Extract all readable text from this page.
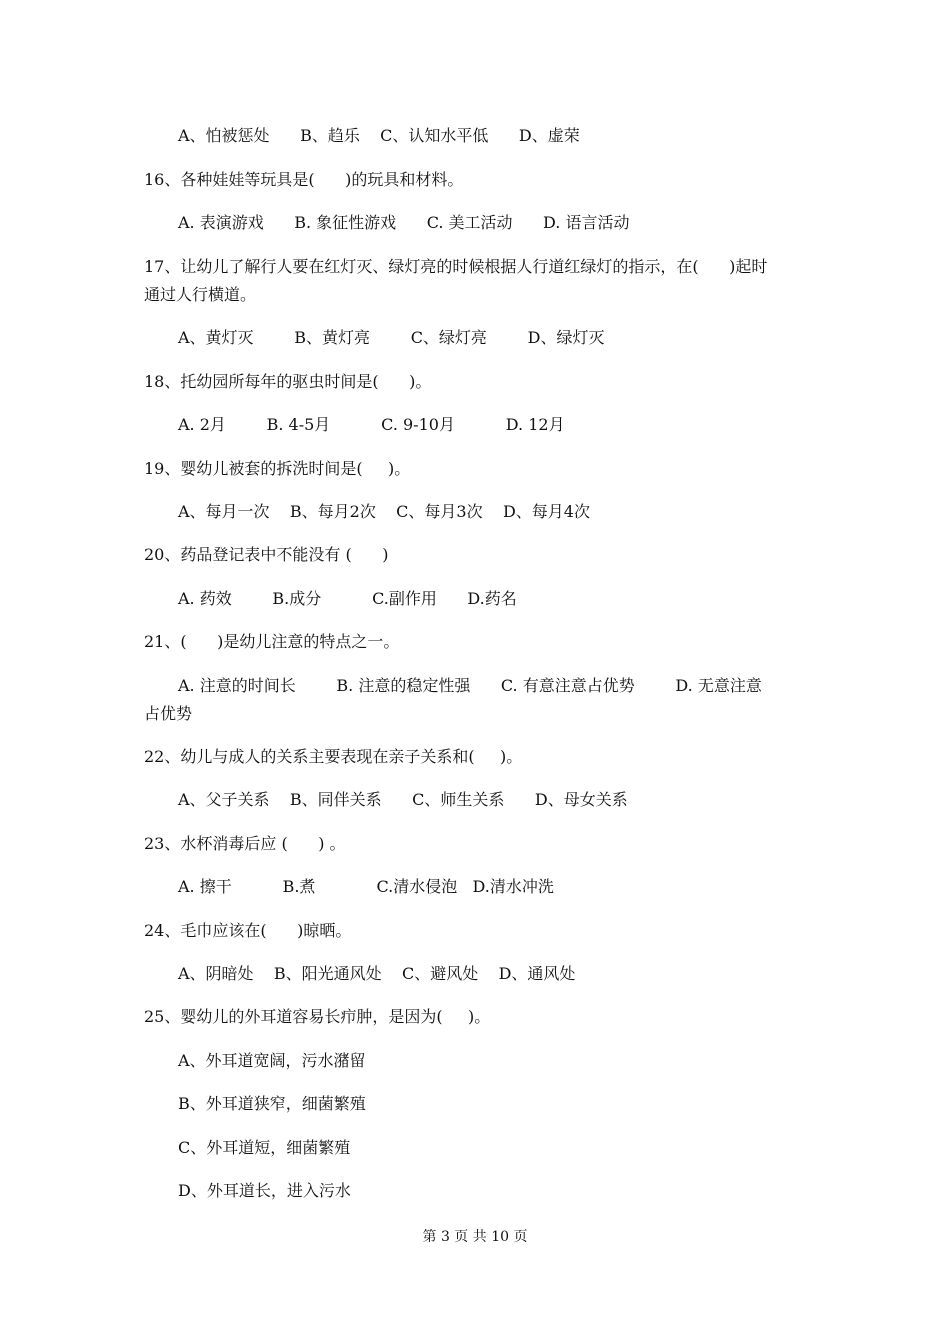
A、怕被惩处      B、趋乐    C、认知水平低      D、虚荣
16、各种娃娃等玩具是(      )的玩具和材料。
A. 表演游戏      B. 象征性游戏      C. 美工活动      D. 语言活动
17、让幼儿了解行人要在红灯灭、绿灯亮的时候根据人行道红绿灯的指示，在(      )起时
通过人行横道。
A、黄灯灭        B、黄灯亮        C、绿灯亮        D、绿灯灭
18、托幼园所每年的驱虫时间是(      )。
A. 2月        B. 4-5月          C. 9-10月          D. 12月
19、婴幼儿被套的拆洗时间是(     )。
A、每月一次    B、每月2次    C、每月3次    D、每月4次
20、药品登记表中不能没有 (      )
A. 药效        B.成分          C.副作用      D.药名
21、(      )是幼儿注意的特点之一。
A. 注意的时间长        B. 注意的稳定性强      C. 有意注意占优势        D. 无意注意
占优势
22、幼儿与成人的关系主要表现在亲子关系和(     )。
A、父子关系    B、同伴关系      C、师生关系      D、母女关系
23、水杯消毒后应 (      ) 。
A. 擦干          B.煮            C.清水侵泡   D.清水冲洗
24、毛巾应该在(      )晾晒。
A、阴暗处    B、阳光通风处    C、避风处    D、通风处
25、婴幼儿的外耳道容易长疖肿，是因为(     )。
A、外耳道宽阔，污水潴留
B、外耳道狭窄，细菌繁殖
C、外耳道短，细菌繁殖
D、外耳道长，进入污水
第 3 页 共 10 页
